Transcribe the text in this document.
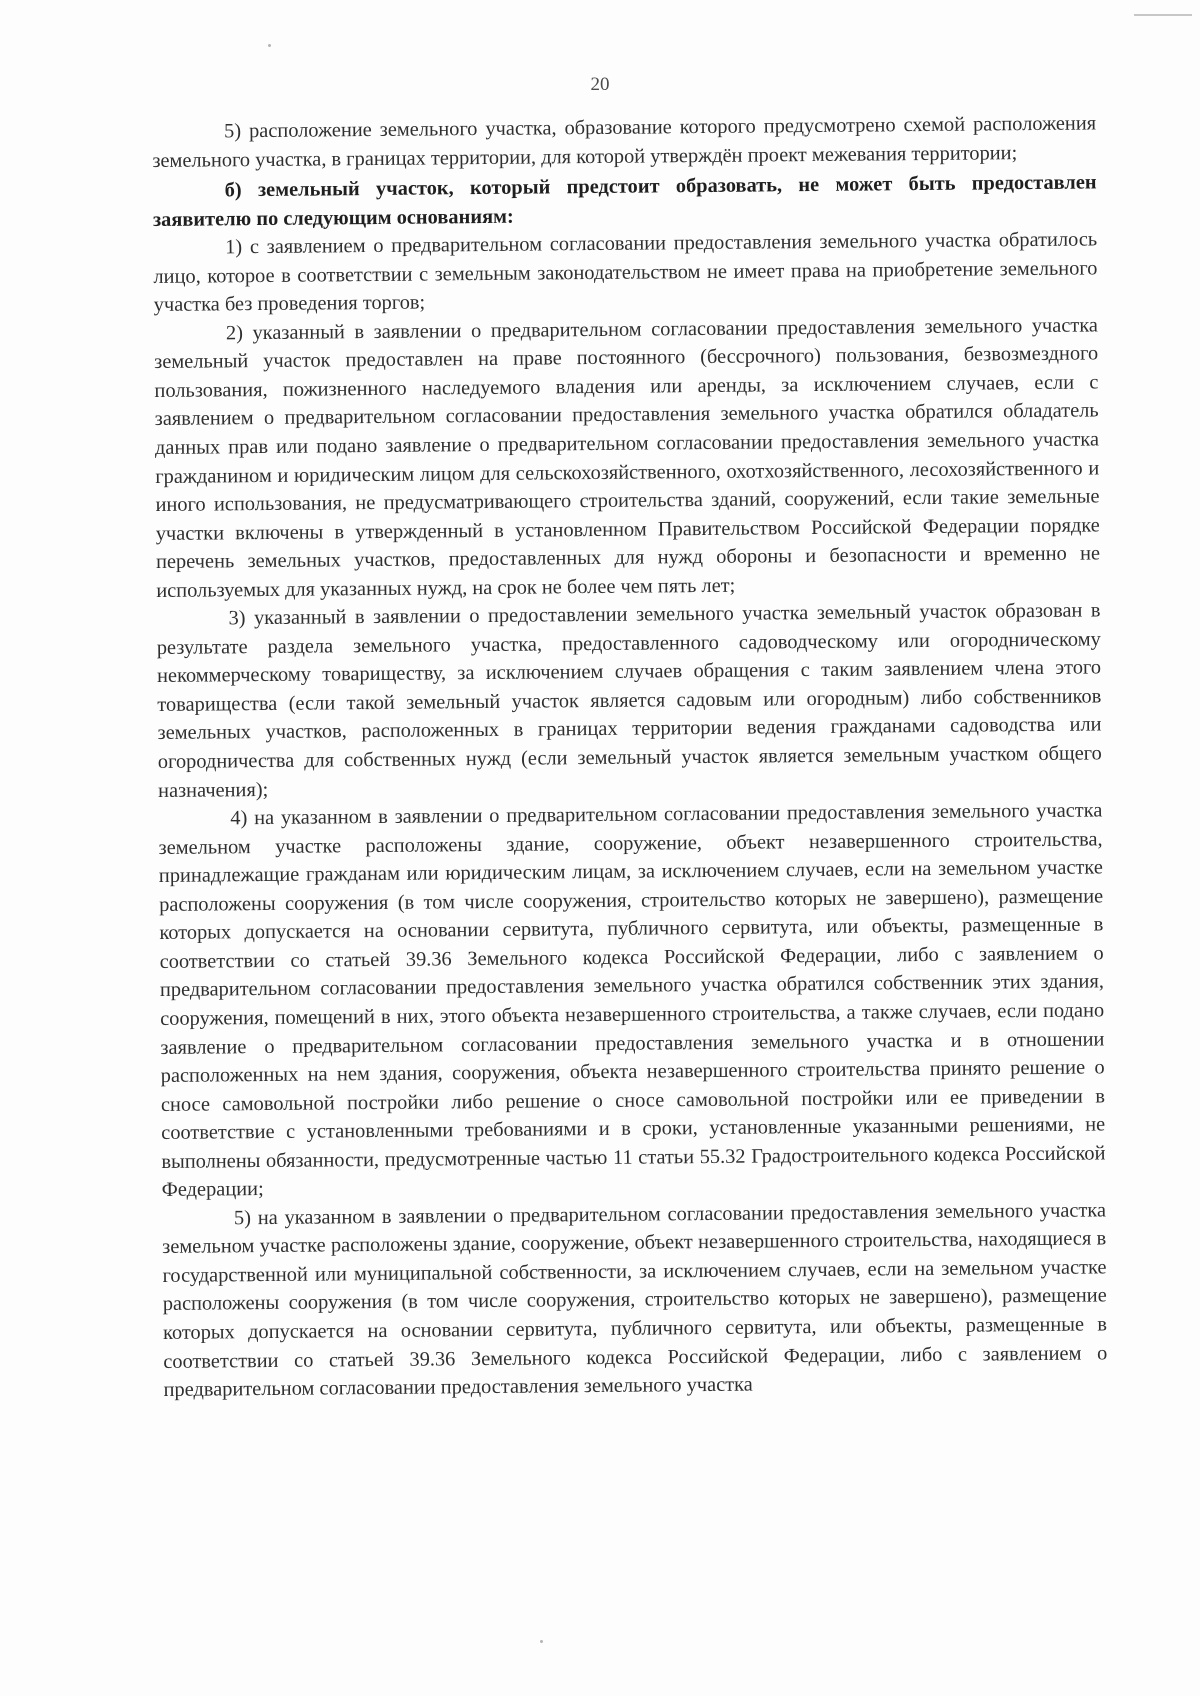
20

5) расположение земельного участка, образование которого предусмотрено схемой расположения земельного участка, в границах территории, для которой утверждён проект межевания территории;

б) земельный участок, который предстоит образовать, не может быть предоставлен заявителю по следующим основаниям:

1) с заявлением о предварительном согласовании предоставления земельного участка обратилось лицо, которое в соответствии с земельным законодательством не имеет права на приобретение земельного участка без проведения торгов;

2) указанный в заявлении о предварительном согласовании предоставления земельного участка земельный участок предоставлен на праве постоянного (бессрочного) пользования, безвозмездного пользования, пожизненного наследуемого владения или аренды, за исключением случаев, если с заявлением о предварительном согласовании предоставления земельного участка обратился обладатель данных прав или подано заявление о предварительном согласовании предоставления земельного участка гражданином и юридическим лицом для сельскохозяйственного, охотхозяйственного, лесохозяйственного и иного использования, не предусматривающего строительства зданий, сооружений, если такие земельные участки включены в утвержденный в установленном Правительством Российской Федерации порядке перечень земельных участков, предоставленных для нужд обороны и безопасности и временно не используемых для указанных нужд, на срок не более чем пять лет;

3) указанный в заявлении о предоставлении земельного участка земельный участок образован в результате раздела земельного участка, предоставленного садоводческому или огородническому некоммерческому товариществу, за исключением случаев обращения с таким заявлением члена этого товарищества (если такой земельный участок является садовым или огородным) либо собственников земельных участков, расположенных в границах территории ведения гражданами садоводства или огородничества для собственных нужд (если земельный участок является земельным участком общего назначения);

4) на указанном в заявлении о предварительном согласовании предоставления земельного участка земельном участке расположены здание, сооружение, объект незавершенного строительства, принадлежащие гражданам или юридическим лицам, за исключением случаев, если на земельном участке расположены сооружения (в том числе сооружения, строительство которых не завершено), размещение которых допускается на основании сервитута, публичного сервитута, или объекты, размещенные в соответствии со статьей 39.36 Земельного кодекса Российской Федерации, либо с заявлением о предварительном согласовании предоставления земельного участка обратился собственник этих здания, сооружения, помещений в них, этого объекта незавершенного строительства, а также случаев, если подано заявление о предварительном согласовании предоставления земельного участка и в отношении расположенных на нем здания, сооружения, объекта незавершенного строительства принято решение о сносе самовольной постройки либо решение о сносе самовольной постройки или ее приведении в соответствие с установленными требованиями и в сроки, установленные указанными решениями, не выполнены обязанности, предусмотренные частью 11 статьи 55.32 Градостроительного кодекса Российской Федерации;

5) на указанном в заявлении о предварительном согласовании предоставления земельного участка земельном участке расположены здание, сооружение, объект незавершенного строительства, находящиеся в государственной или муниципальной собственности, за исключением случаев, если на земельном участке расположены сооружения (в том числе сооружения, строительство которых не завершено), размещение которых допускается на основании сервитута, публичного сервитута, или объекты, размещенные в соответствии со статьей 39.36 Земельного кодекса Российской Федерации, либо с заявлением о предварительном согласовании предоставления земельного участка
